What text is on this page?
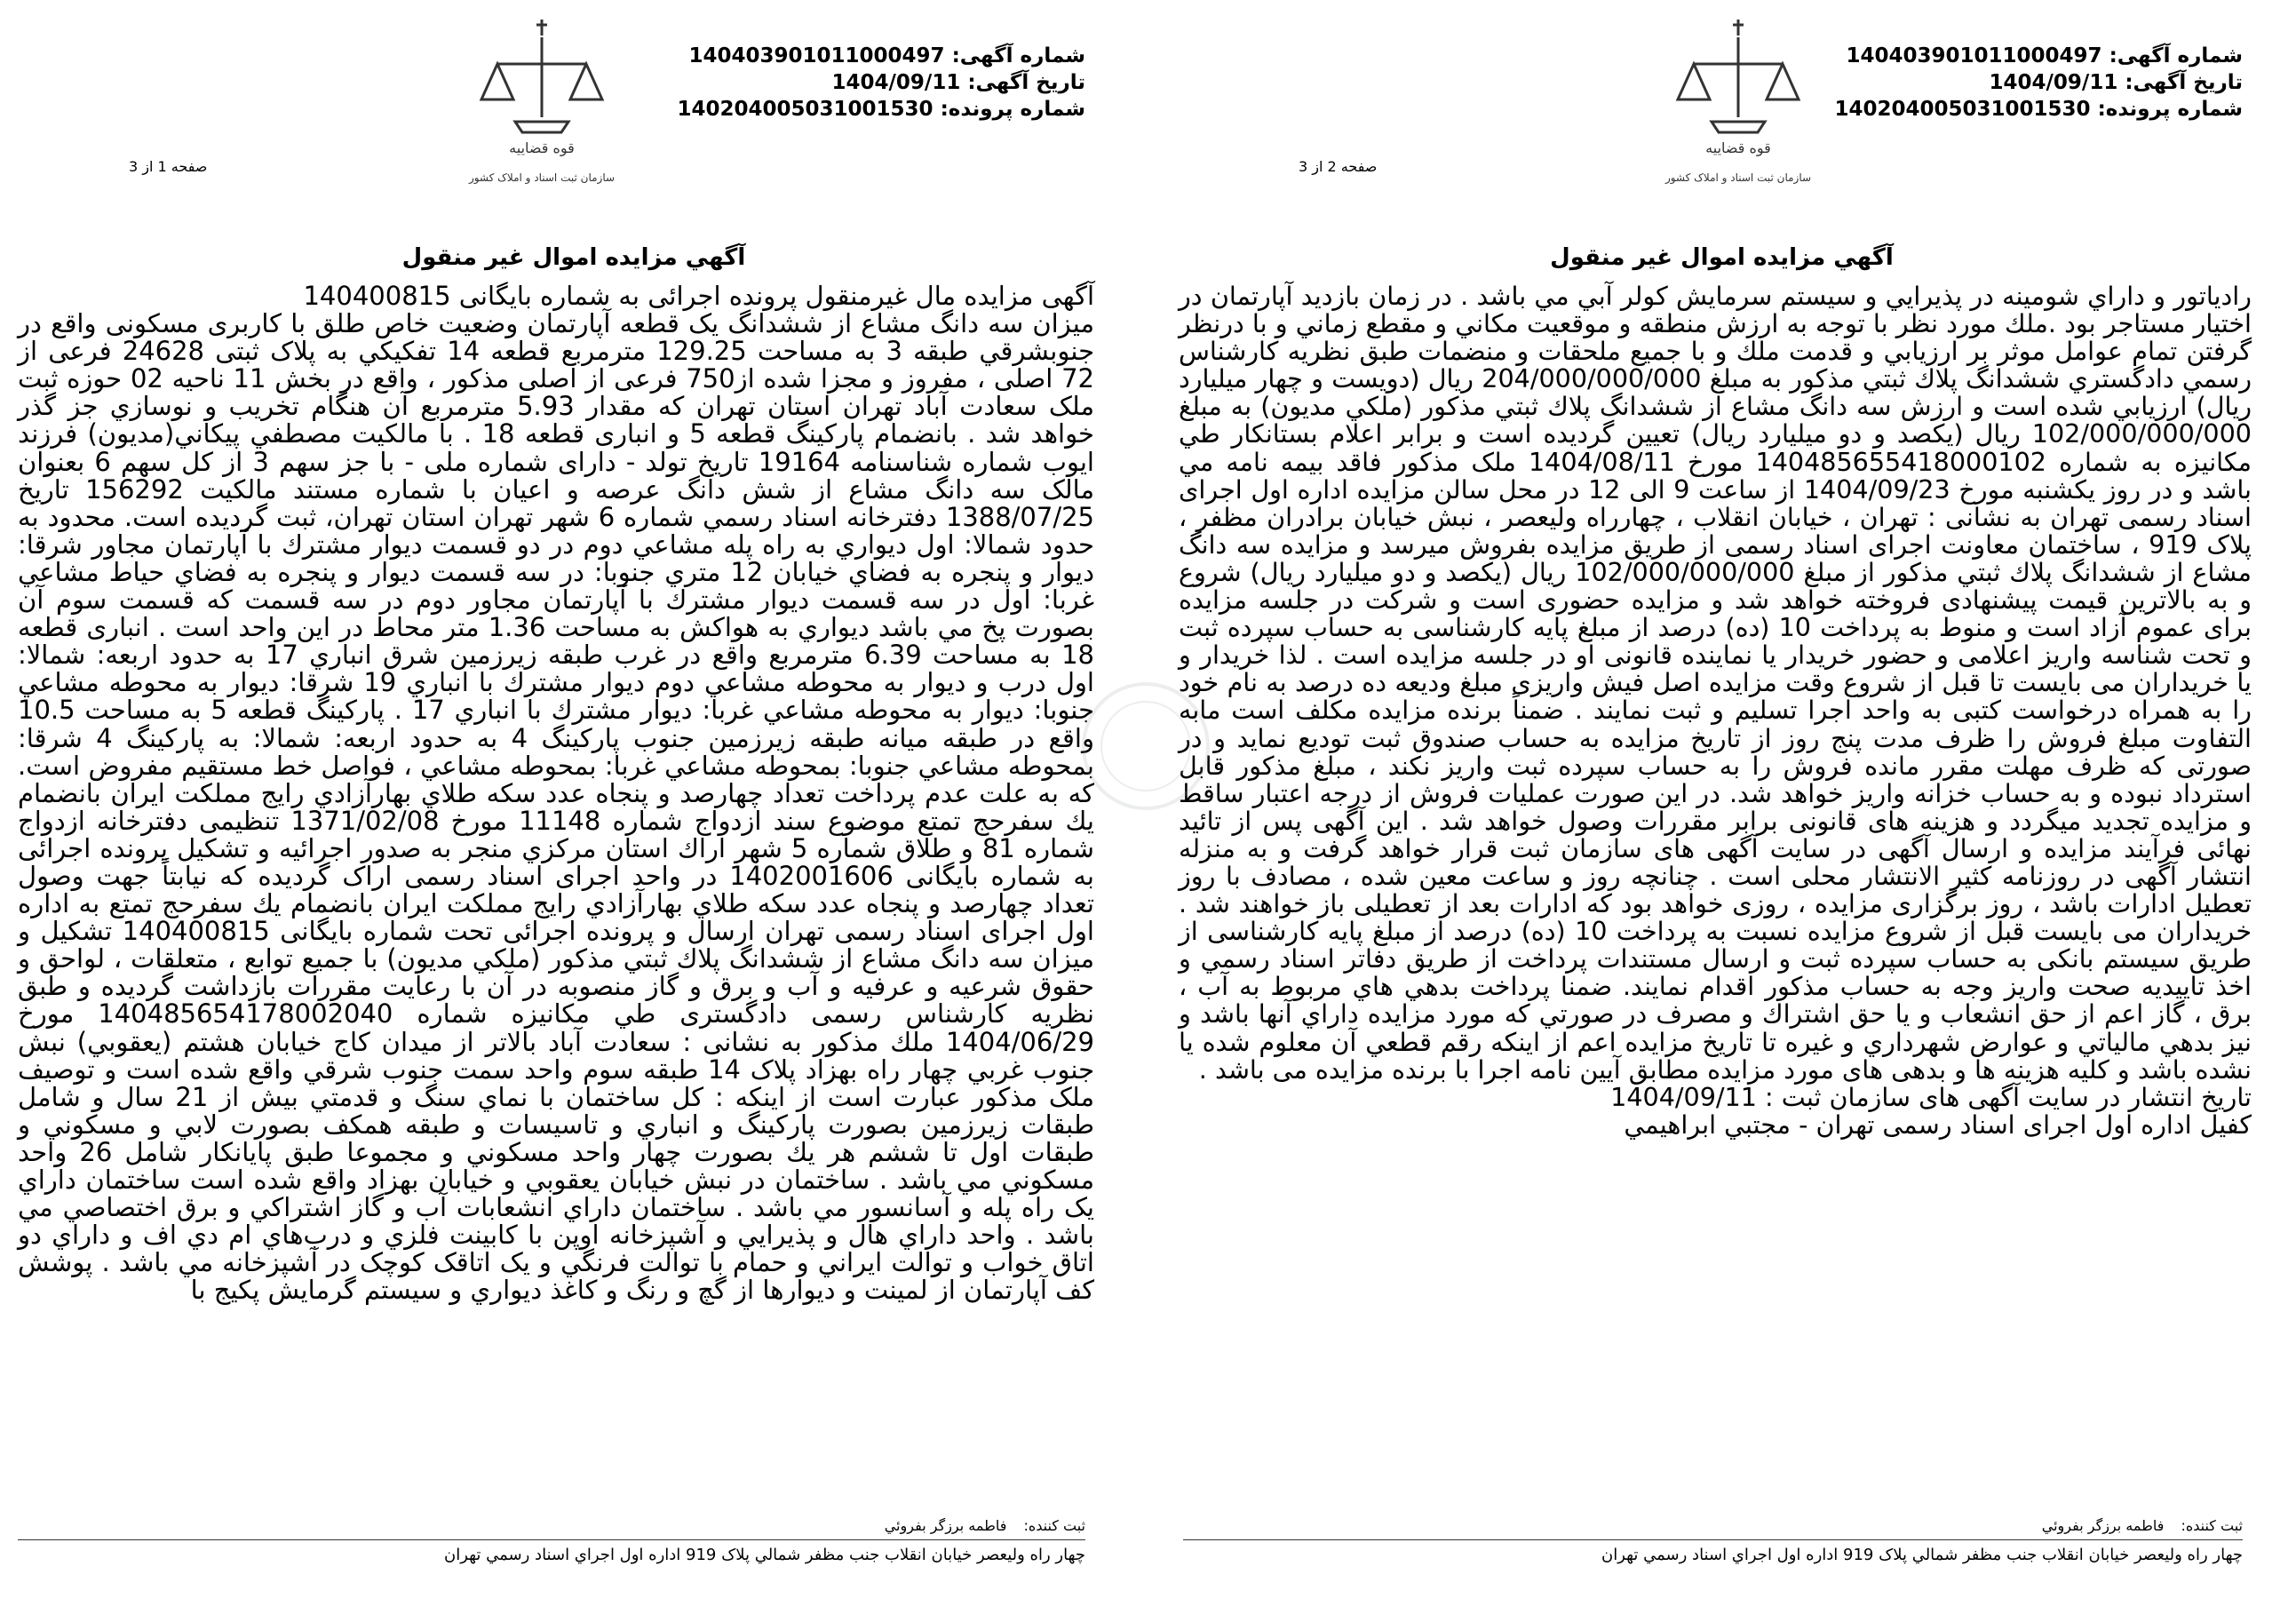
شماره آگهی: 140403901011000497
تاریخ آگهی: 1404/09/11
شماره پرونده: 140204005031001530
قوه قضاییه
سازمان ثبت اسناد و املاک کشور
صفحه 2 از 3
آگهي مزايده اموال غير منقول
رادياتور و داراي شومينه در پذيرايي و سيستم سرمايش كولر آبي مي باشد . در زمان بازديد آپارتمان در اختيار مستاجر بود .ملك مورد نظر با توجه به ارزش منطقه و موقعيت مكاني و مقطع زماني و با درنظر گرفتن تمام عوامل موثر بر ارزيابي و قدمت ملك و با جميع ملحقات و منضمات طبق نظريه كارشناس رسمي دادگستري ششدانگ پلاك ثبتي مذكور به مبلغ 204/000/000/000 ريال (دويست و چهار ميليارد ريال) ارزيابي شده است و ارزش سه دانگ مشاع از ششدانگ پلاك ثبتي مذكور (ملكي مديون) به مبلغ 102/000/000/000 ريال (يكصد و دو ميليارد ريال) تعيين گرديده است و برابر اعلام بستانكار طي مكانيزه به شماره 140485655418000102 مورخ 1404/08/11 ملک مذكور فاقد بيمه نامه مي باشد و در روز يكشنبه مورخ 1404/09/23 از ساعت 9 الی 12 در محل سالن مزايده اداره اول اجرای اسناد رسمی تهران به نشانی : تهران ، خيابان انقلاب ، چهارراه وليعصر ، نبش خيابان برادران مظفر ، پلاک 919 ، ساختمان معاونت اجرای اسناد رسمی از طريق مزايده بفروش ميرسد و مزايده سه دانگ مشاع از ششدانگ پلاك ثبتي مذكور از مبلغ 102/000/000/000 ريال (يكصد و دو ميليارد ريال) شروع و به بالاترين قيمت پيشنهادی فروخته خواهد شد و مزايده حضوری است و شركت در جلسه مزايده برای عموم آزاد است و منوط به پرداخت 10 (ده) درصد از مبلغ پايه كارشناسی به حساب سپرده ثبت و تحت شناسه واريز اعلامی و حضور خريدار يا نماينده قانونی او در جلسه مزايده است . لذا خريدار و يا خريداران می بايست تا قبل از شروع وقت مزايده اصل فيش واريزی مبلغ وديعه ده درصد به نام خود را به همراه درخواست كتبی به واحد اجرا تسليم و ثبت نمايند . ضمناً برنده مزايده مكلف است مابه التفاوت مبلغ فروش را ظرف مدت پنج روز از تاريخ مزايده به حساب صندوق ثبت توديع نمايد و در صورتی كه ظرف مهلت مقرر مانده فروش را به حساب سپرده ثبت واريز نكند ، مبلغ مذكور قابل استرداد نبوده و به حساب خزانه واريز خواهد شد. در اين صورت عمليات فروش از درجه اعتبار ساقط و مزايده تجديد ميگردد و هزينه های قانونی برابر مقررات وصول خواهد شد . اين آگهی پس از تائيد نهائی فرآيند مزايده و ارسال آگهی در سايت آگهی های سازمان ثبت قرار خواهد گرفت و به منزله انتشار آگهی در روزنامه كثير الانتشار محلی است . چنانچه روز و ساعت معين شده ، مصادف با روز تعطيل ادارات باشد ، روز برگزاری مزايده ، روزی خواهد بود كه ادارات بعد از تعطيلی باز خواهند شد . خريداران می بايست قبل از شروع مزايده نسبت به پرداخت 10 (ده) درصد از مبلغ پايه كارشناسی از طريق سيستم بانكی به حساب سپرده ثبت و ارسال مستندات پرداخت از طريق دفاتر اسناد رسمي و اخذ تاييديه صحت واريز وجه به حساب مذكور اقدام نمايند. ضمنا پرداخت بدهي هاي مربوط به آب ، برق ، گاز اعم از حق انشعاب و يا حق اشتراك و مصرف در صورتي كه مورد مزايده داراي آنها باشد و نيز بدهي مالياتي و عوارض شهرداري و غيره تا تاريخ مزايده اعم از اينكه رقم قطعي آن معلوم شده يا نشده باشد و كليه هزينه ها و بدهی های مورد مزايده مطابق آيين نامه اجرا با برنده مزايده می باشد .
تاریخ انتشار در سایت آگهی های سازمان ثبت : 1404/09/11
کفیل اداره اول اجرای اسناد رسمی تهران - مجتبي ابراهيمي
ثبت کننده: فاطمه برزگر بفروئي
چهار راه وليعصر خيابان انقلاب جنب مظفر شمالي پلاک 919 اداره اول اجراي اسناد رسمي تهران
شماره آگهی: 140403901011000497
تاریخ آگهی: 1404/09/11
شماره پرونده: 140204005031001530
قوه قضاییه
سازمان ثبت اسناد و املاک کشور
صفحه 1 از 3
آگهي مزايده اموال غير منقول
آگهی مزايده مال غيرمنقول پرونده اجرائی به شماره بايگانی 140400815
ميزان سه دانگ مشاع از ششدانگ يک قطعه آپارتمان وضعيت خاص طلق با كاربری مسكونی واقع در جنوبشرقي طبقه 3 به مساحت 129.25 مترمربع قطعه 14 تفكيكي به پلاک ثبتی 24628 فرعی از 72 اصلی ، مفروز و مجزا شده از750 فرعی از اصلی مذكور ، واقع در بخش 11 ناحيه 02 حوزه ثبت ملک سعادت آباد تهران استان تهران كه مقدار 5.93 مترمربع آن هنگام تخريب و نوسازي جز گذر خواهد شد . بانضمام پاركينگ قطعه 5 و انباری قطعه 18 . با مالکيت مصطفي پيكاني(مديون) فرزند ايوب شماره شناسنامه 19164 تاريخ تولد - دارای شماره ملی - با جز سهم 3 از كل سهم 6 بعنوان مالک سه دانگ مشاع از شش دانگ عرصه و اعيان با شماره مستند مالكيت 156292 تاريخ 1388/07/25 دفترخانه اسناد رسمي شماره 6 شهر تهران استان تهران، ثبت گرديده است. محدود به حدود شمالا: اول ديواري به راه پله مشاعي دوم در دو قسمت ديوار مشترك با آپارتمان مجاور شرقا: ديوار و پنجره به فضاي خيابان 12 متري جنوبا: در سه قسمت ديوار و پنجره به فضاي حياط مشاعي غربا: اول در سه قسمت ديوار مشترك با آپارتمان مجاور دوم در سه قسمت كه قسمت سوم آن بصورت پخ مي باشد ديواري به هواكش به مساحت 1.36 متر محاط در اين واحد است . انباری قطعه 18 به مساحت 6.39 مترمربع واقع در غرب طبقه زيرزمين شرق انباري 17 به حدود اربعه: شمالا: اول درب و ديوار به محوطه مشاعي دوم ديوار مشترك با انباري 19 شرقا: ديوار به محوطه مشاعي جنوبا: ديوار به محوطه مشاعي غربا: ديوار مشترك با انباري 17 . پاركينگ قطعه 5 به مساحت 10.5 واقع در طبقه ميانه طبقه زيرزمين جنوب پاركينگ 4 به حدود اربعه: شمالا: به پاركينگ 4 شرقا: بمحوطه مشاعي جنوبا: بمحوطه مشاعي غربا: بمحوطه مشاعي ، فواصل خط مستقيم مفروض است. كه به علت عدم پرداخت تعداد چهارصد و پنجاه عدد سكه طلاي بهارآزادي رايج مملكت ايران بانضمام يك سفرحج تمتع موضوع سند ازدواج شماره 11148 مورخ 1371/02/08 تنظيمی دفترخانه ازدواج شماره 81 و طلاق شماره 5 شهر اراك استان مركزي منجر به صدور اجرائيه و تشكيل پرونده اجرائی به شماره بايگانی 1402001606 در واحد اجرای اسناد رسمی اراک گرديده كه نيابتاً جهت وصول تعداد چهارصد و پنجاه عدد سكه طلاي بهارآزادي رايج مملكت ايران بانضمام يك سفرحج تمتع به اداره اول اجرای اسناد رسمی تهران ارسال و پرونده اجرائی تحت شماره بايگانی 140400815 تشكيل و ميزان سه دانگ مشاع از ششدانگ پلاك ثبتي مذكور (ملكي مديون) با جميع توابع ، متعلقات ، لواحق و حقوق شرعيه و عرفيه و آب و برق و گاز منصوبه در آن با رعايت مقررات بازداشت گرديده و طبق نظريه كارشناس رسمی دادگستری طي مكانيزه شماره 140485654178002040 مورخ 1404/06/29 ملك مذكور به نشانی : سعادت آباد بالاتر از ميدان كاج خيابان هشتم (يعقوبي) نبش جنوب غربي چهار راه بهزاد پلاک 14 طبقه سوم واحد سمت جنوب شرقي واقع شده است و توصيف ملک مذكور عبارت است از اينكه : كل ساختمان با نماي سنگ و قدمتي بيش از 21 سال و شامل طبقات زيرزمين بصورت پاركينگ و انباري و تاسيسات و طبقه همكف بصورت لابي و مسكوني و طبقات اول تا ششم هر يك بصورت چهار واحد مسكوني و مجموعا طبق پايانكار شامل 26 واحد مسكوني مي باشد . ساختمان در نبش خيابان يعقوبي و خيابان بهزاد واقع شده است ساختمان داراي يک راه پله و آسانسور مي باشد . ساختمان داراي انشعابات آب و گاز اشتراكي و برق اختصاصي مي باشد . واحد داراي هال و پذيرايي و آشپزخانه اوپن با كابينت فلزي و درب‌هاي ام دي اف و داراي دو اتاق خواب و توالت ايراني و حمام با توالت فرنگي و يک اتاقک كوچک در آشپزخانه مي باشد . پوشش كف آپارتمان از لمينت و ديوارها از گچ و رنگ و كاغذ ديواري و سيستم گرمايش پكيج با
ثبت کننده: فاطمه برزگر بفروئي
چهار راه وليعصر خيابان انقلاب جنب مظفر شمالي پلاک 919 اداره اول اجراي اسناد رسمي تهران
